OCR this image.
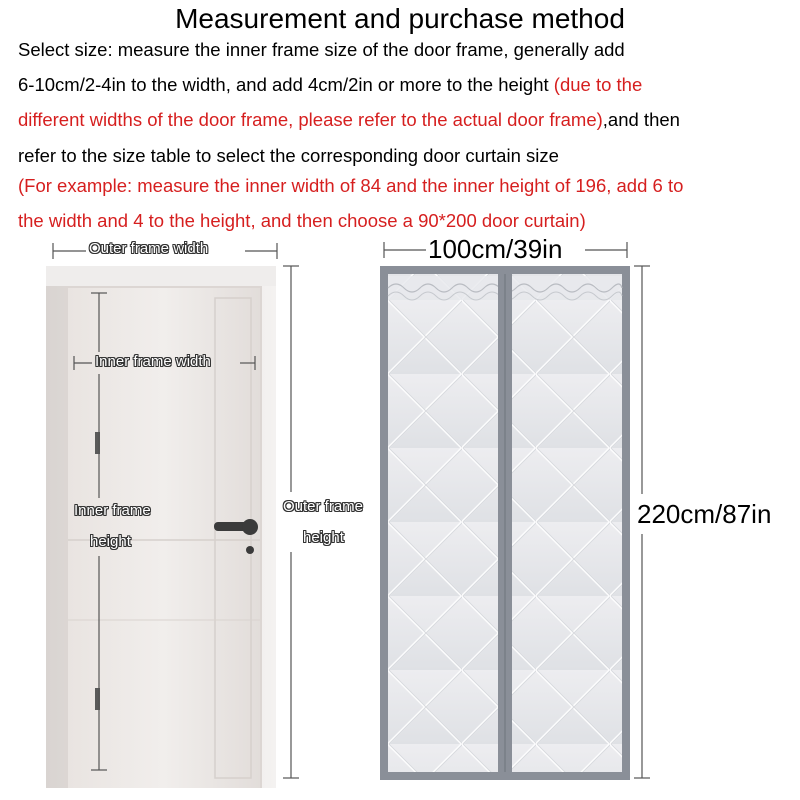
Measurement and purchase method
Select size: measure the inner frame size of the door frame, generally add
6-10cm/2-4in to the width, and add 4cm/2in or more to the height (due to the
different widths of the door frame, please refer to the actual door frame),and then
refer to the size table to select the corresponding door curtain size
(For example: measure the inner width of 84 and the inner height of 196, add 6 to
the width and 4 to the height, and then choose a 90*200 door curtain)
Outer frame width
Inner frame width
Inner frame
height
Outer frame
height
100cm/39in
220cm/87in
